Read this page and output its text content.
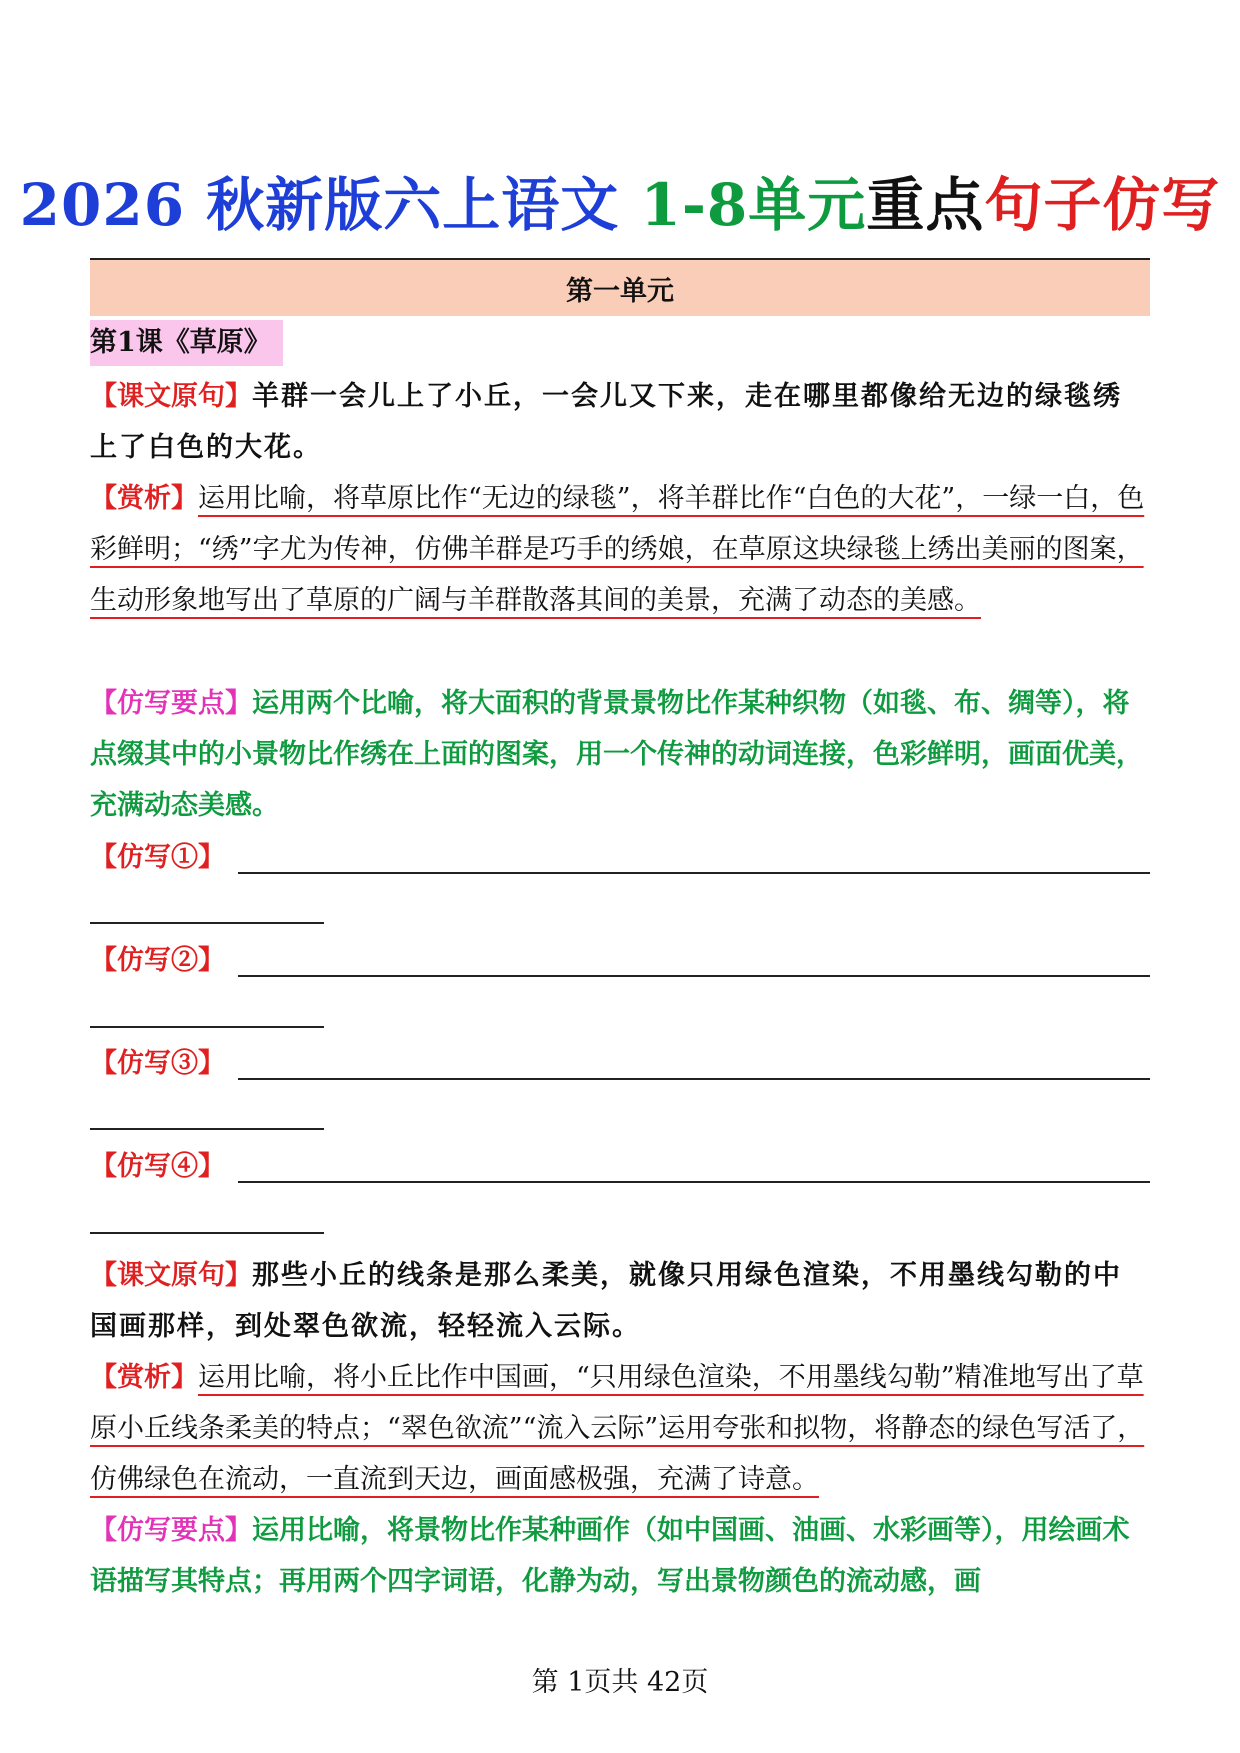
2026 秋新版六上语文 1-8单元重点句子仿写
第一单元
第1课《草原》
【课文原句】羊群一会儿上了小丘，一会儿又下来，走在哪里都像给无边的绿毯绣上了白色的大花。
【赏析】运用比喻，将草原比作“无边的绿毯”，将羊群比作“白色的大花”，一绿一白，色彩鲜明；“绣”字尤为传神，仿佛羊群是巧手的绣娘，在草原这块绿毯上绣出美丽的图案，生动形象地写出了草原的广阔与羊群散落其间的美景，充满了动态的美感。
【仿写要点】运用两个比喻，将大面积的背景景物比作某种织物（如毯、布、绸等），将点缀其中的小景物比作绣在上面的图案，用一个传神的动词连接，色彩鲜明，画面优美，充满动态美感。
【仿写①】
【仿写②】
【仿写③】
【仿写④】
【课文原句】那些小丘的线条是那么柔美，就像只用绿色渲染，不用墨线勾勒的中国画那样，到处翠色欲流，轻轻流入云际。
【赏析】运用比喻，将小丘比作中国画，“只用绿色渲染，不用墨线勾勒”精准地写出了草原小丘线条柔美的特点；“翠色欲流”“流入云际”运用夸张和拟物，将静态的绿色写活了，仿佛绿色在流动，一直流到天边，画面感极强，充满了诗意。
【仿写要点】运用比喻，将景物比作某种画作（如中国画、油画、水彩画等），用绘画术语描写其特点；再用两个四字词语，化静为动，写出景物颜色的流动感，画
第 1页共 42页
